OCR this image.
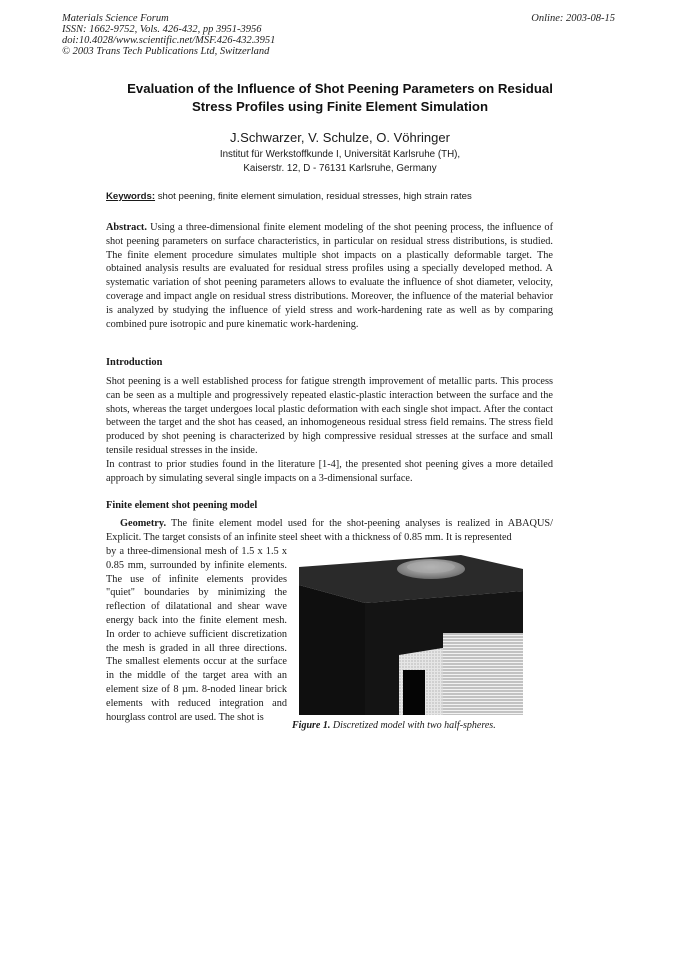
Materials Science Forum
ISSN: 1662-9752, Vols. 426-432, pp 3951-3956
doi:10.4028/www.scientific.net/MSF.426-432.3951
© 2003 Trans Tech Publications Ltd, Switzerland
Online: 2003-08-15
Evaluation of the Influence of Shot Peening Parameters on Residual
Stress Profiles using Finite Element Simulation
J.Schwarzer, V. Schulze, O. Vöhringer
Institut für Werkstoffkunde I, Universität Karlsruhe (TH),
Kaiserstr. 12, D - 76131 Karlsruhe, Germany
Keywords: shot peening, finite element simulation, residual stresses, high strain rates

Abstract. Using a three-dimensional finite element modeling of the shot peening process, the influence of shot peening parameters on surface characteristics, in particular on residual stress distributions, is studied. The finite element procedure simulates multiple shot impacts on a plastically deformable target. The obtained analysis results are evaluated for residual stress profiles using a specially developed method. A systematic variation of shot peening parameters allows to evaluate the influence of shot diameter, velocity, coverage and impact angle on residual stress distributions. Moreover, the influence of the material behavior is analyzed by studying the influence of yield stress and work-hardening rate as well as by comparing combined pure isotropic and pure kinematic work-hardening.

Introduction

Shot peening is a well established process for fatigue strength improvement of metallic parts. This process can be seen as a multiple and progressively repeated elastic-plastic interaction between the surface and the shots, whereas the target undergoes local plastic deformation with each single shot impact. After the contact between the target and the shot has ceased, an inhomogeneous residual stress field remains. The stress field produced by shot peening is characterized by high compressive residual stresses at the surface and small tensile residual stresses in the inside.

In contrast to prior studies found in the literature [1-4], the presented shot peening gives a more detailed approach by simulating several single impacts on a 3-dimensional surface.

Finite element shot peening model

Geometry. The finite element model used for the shot-peening analyses is realized in ABAQUS/ Explicit. The target consists of an infinite steel sheet with a thickness of 0.85 mm. It is represented

by a three-dimensional mesh of 1.5 x 1.5 x 0.85 mm, surrounded by infinite elements. The use of infinite elements provides "quiet" boundaries by minimizing the reflection of dilatational and shear wave energy back into the finite element mesh. In order to achieve sufficient discretization the mesh is graded in all three directions. The smallest elements occur at the surface in the middle of the target area with an element size of 8 µm. 8-noded linear brick elements with reduced integration and hourglass control are used. The shot is

Figure 1. Discretized model with two half-spheres.
